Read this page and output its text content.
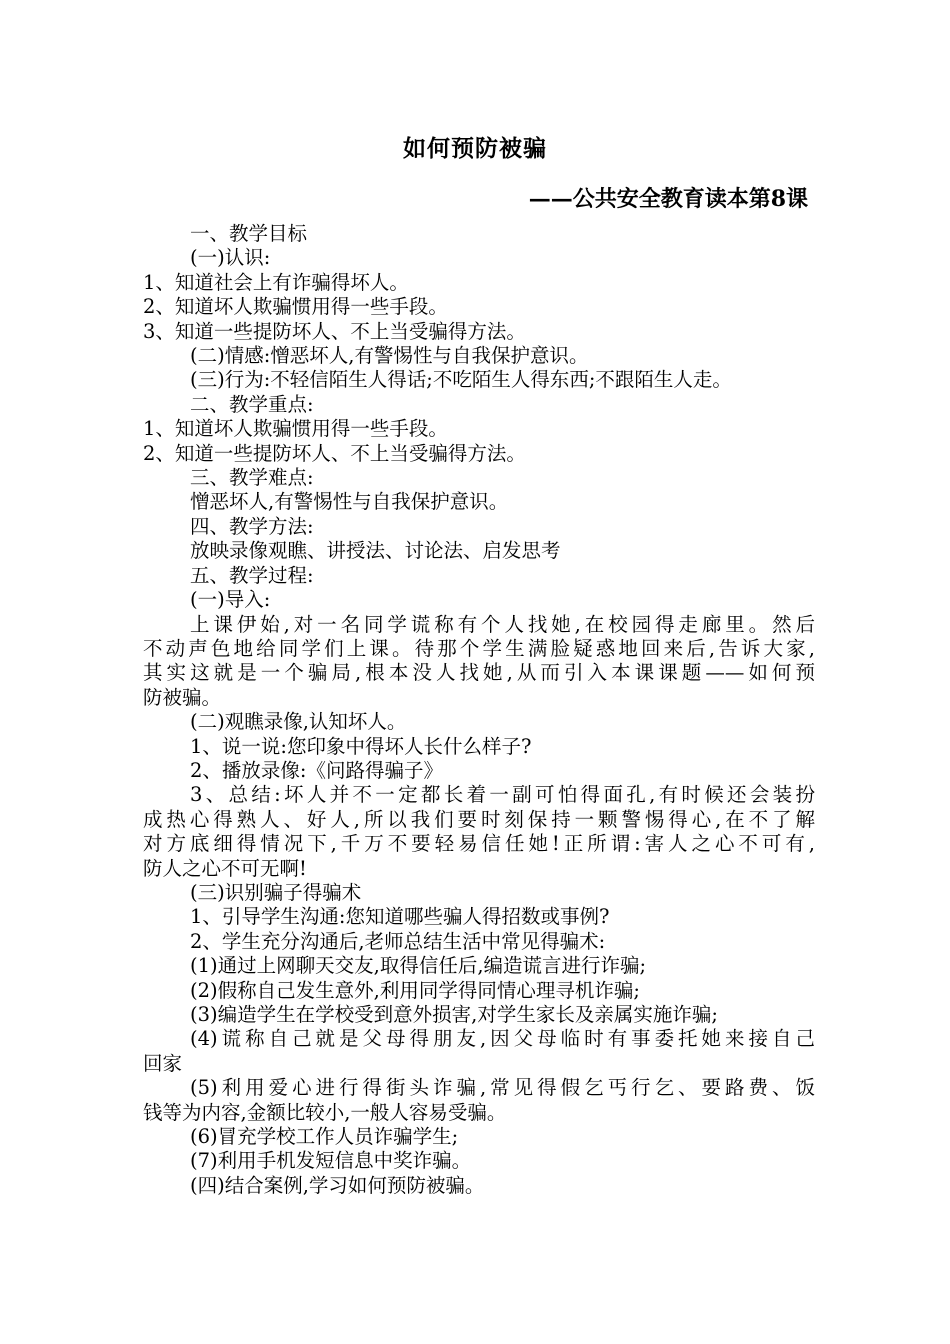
如何预防被骗
——公共安全教育读本第8课
一、教学目标
(一)认识:
1、知道社会上有诈骗得坏人。
2、知道坏人欺骗惯用得一些手段。
3、知道一些提防坏人、不上当受骗得方法。
(二)情感:憎恶坏人,有警惕性与自我保护意识。
(三)行为:不轻信陌生人得话;不吃陌生人得东西;不跟陌生人走。
二、教学重点:
1、知道坏人欺骗惯用得一些手段。
2、知道一些提防坏人、不上当受骗得方法。
三、教学难点:
憎恶坏人,有警惕性与自我保护意识。
四、教学方法:
放映录像观瞧、讲授法、讨论法、启发思考
五、教学过程:
(一)导入:
上课伊始,对一名同学谎称有个人找她,在校园得走廊里。然后
不动声色地给同学们上课。待那个学生满脸疑惑地回来后,告诉大家,
其实这就是一个骗局,根本没人找她,从而引入本课课题——如何预
防被骗。
(二)观瞧录像,认知坏人。
1、说一说:您印象中得坏人长什么样子?
2、播放录像:《问路得骗子》
3、总结:坏人并不一定都长着一副可怕得面孔,有时候还会装扮
成热心得熟人、好人,所以我们要时刻保持一颗警惕得心,在不了解
对方底细得情况下,千万不要轻易信任她!正所谓:害人之心不可有,
防人之心不可无啊!
(三)识别骗子得骗术
1、引导学生沟通:您知道哪些骗人得招数或事例?
2、学生充分沟通后,老师总结生活中常见得骗术:
(1)通过上网聊天交友,取得信任后,编造谎言进行诈骗;
(2)假称自己发生意外,利用同学得同情心理寻机诈骗;
(3)编造学生在学校受到意外损害,对学生家长及亲属实施诈骗;
(4)谎称自己就是父母得朋友,因父母临时有事委托她来接自己
回家
(5)利用爱心进行得街头诈骗,常见得假乞丐行乞、要路费、饭
钱等为内容,金额比较小,一般人容易受骗。
(6)冒充学校工作人员诈骗学生;
(7)利用手机发短信息中奖诈骗。
(四)结合案例,学习如何预防被骗。
